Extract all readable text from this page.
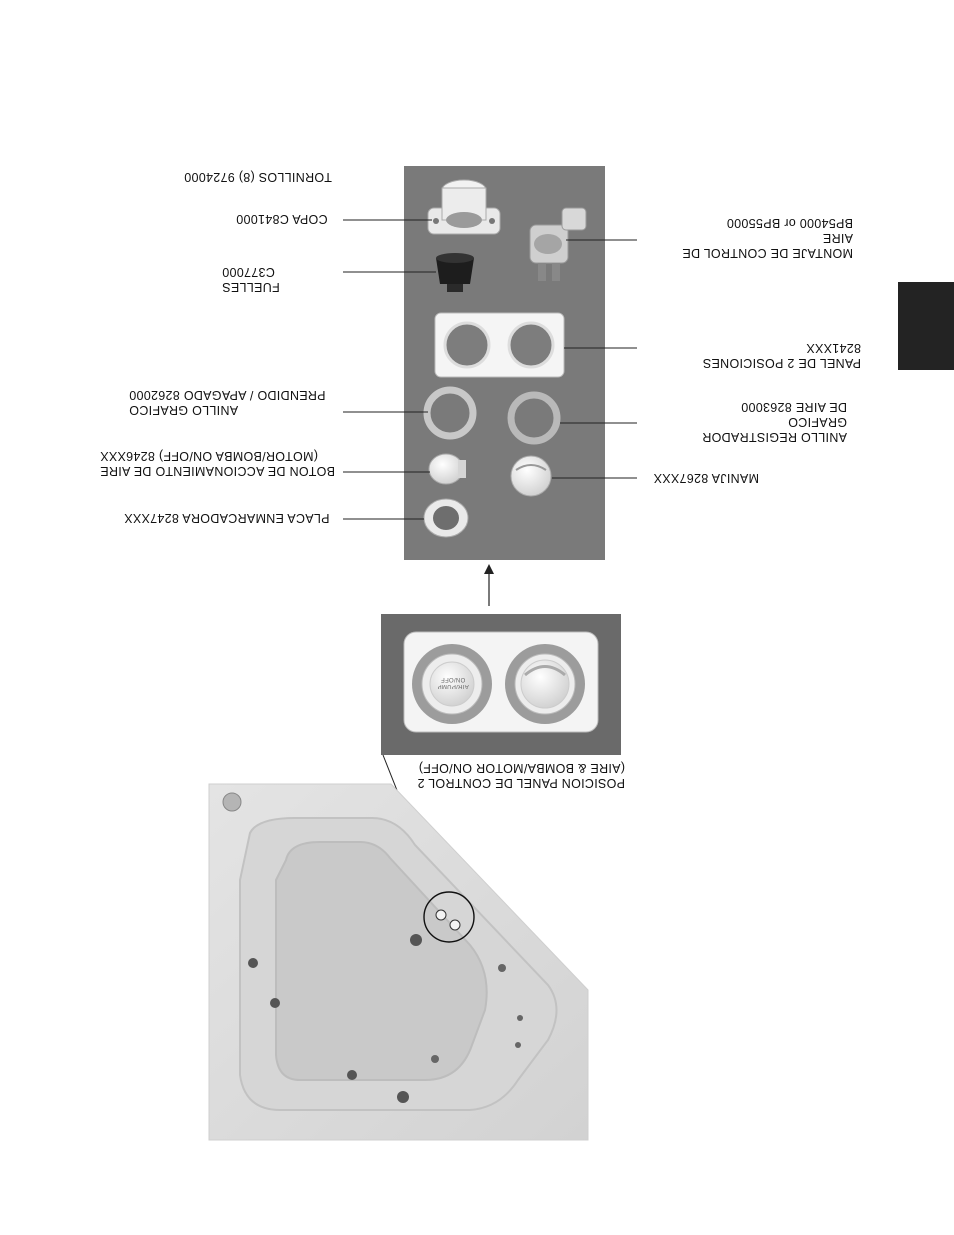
TORNILLOS (8) 9724000
COPA C841000
FUELLES C377000
ANILLO GRAFICO
PRENDIDO / APAGADO 8262000
BOTON DE ACCIONAMIENTO DE AIRE
(MOTOR/BOMBA ON/OFF) 8246XXX
PLACA ENMARCADORA 8247XXX
MONTAJE DE CONTROL DE AIRE
BP54000 or BP55000
PANEL DE 2 POSICIONES 8241XXX
ANILLO REGISTRADOR GRAFICO
DE AIRE 8263000
MANIJA 8267XXX
POSICION PANEL DE CONTROL 2
(AIRE & BOMBA/MOTOR ON/OFF)
AIR/PUMP
ON/OFF
